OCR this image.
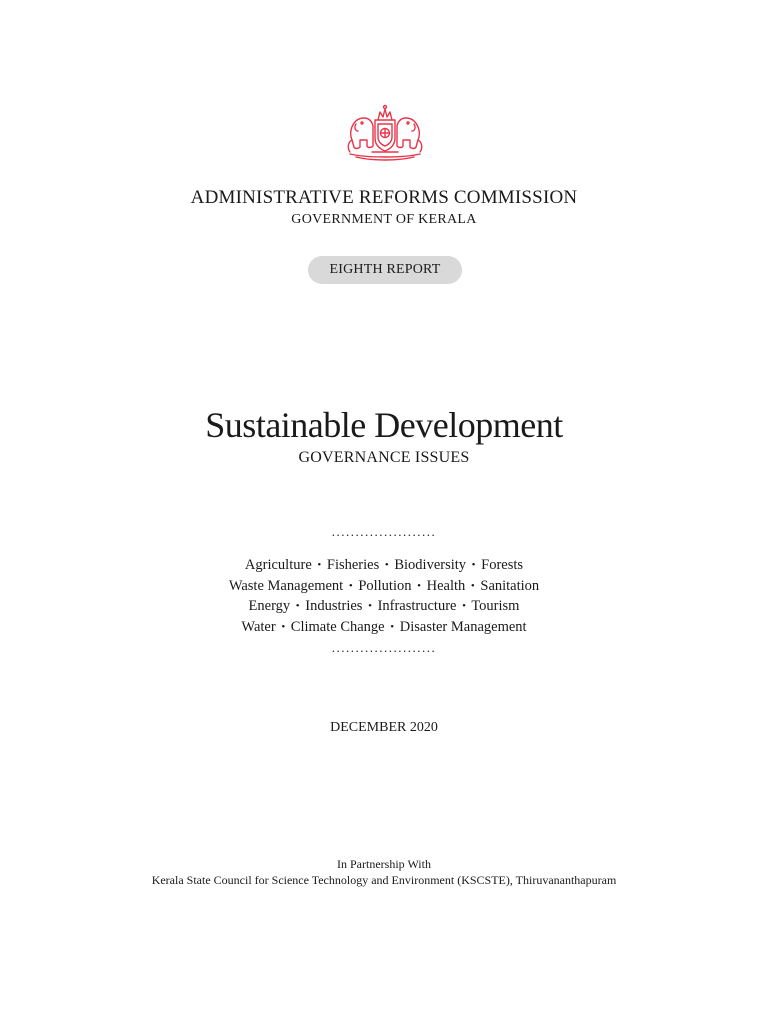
ADMINISTRATIVE REFORMS COMMISSION
GOVERNMENT OF KERALA
EIGHTH REPORT
Sustainable Development
GOVERNANCE ISSUES
......................
Agriculture • Fisheries • Biodiversity • Forests
Waste Management • Pollution • Health • Sanitation
Energy • Industries • Infrastructure • Tourism
Water • Climate Change • Disaster Management
......................
DECEMBER 2020
In Partnership With
Kerala State Council for Science Technology and Environment (KSCSTE), Thiruvananthapuram
